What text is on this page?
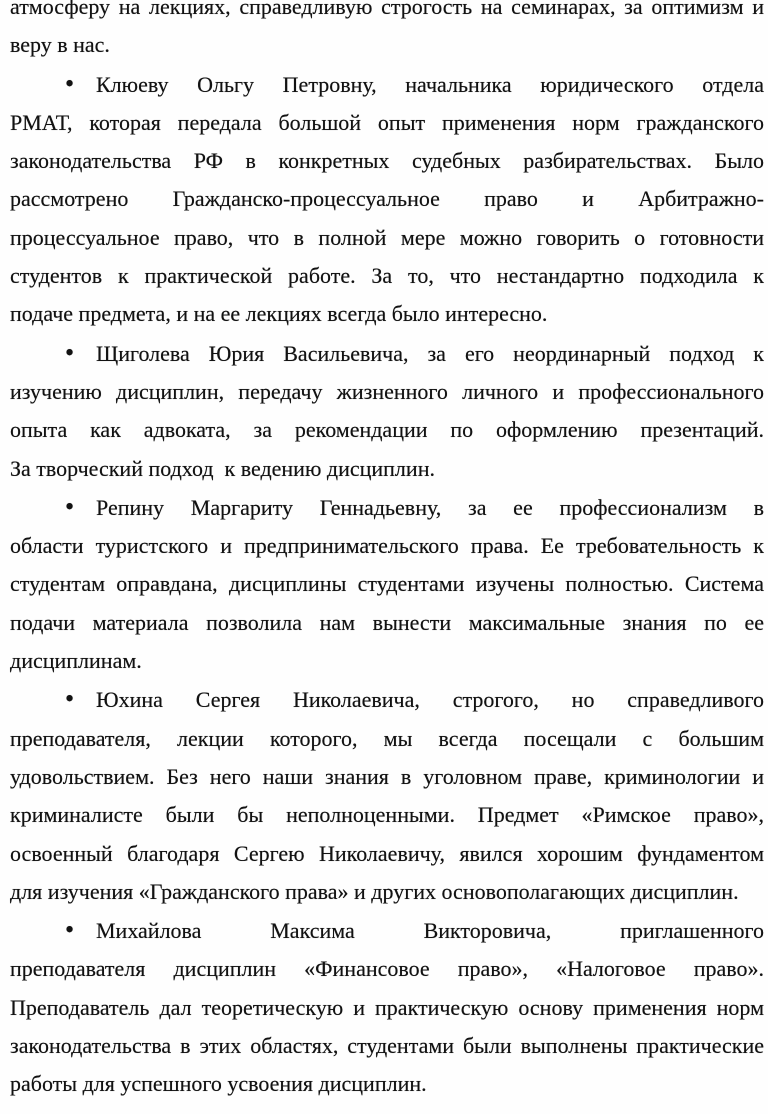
атмосферу на лекциях, справедливую строгость на семинарах, за оптимизм и
веру в нас.
• Клюеву Ольгу Петровну, начальника юридического отдела
РМАТ, которая передала большой опыт применения норм гражданского
законодательства РФ в конкретных судебных разбирательствах. Было
рассмотрено Гражданско-процессуальное право и Арбитражно-
процессуальное право, что в полной мере можно говорить о готовности
студентов к практической работе. За то, что нестандартно подходила к
подаче предмета, и на ее лекциях всегда было интересно.
• Щиголева Юрия Васильевича, за его неординарный подход к
изучению дисциплин, передачу жизненного личного и профессионального
опыта как адвоката, за рекомендации по оформлению презентаций.
За творческий подход  к ведению дисциплин.
• Репину Маргариту Геннадьевну, за ее профессионализм в
области туристского и предпринимательского права. Ее требовательность к
студентам оправдана, дисциплины студентами изучены полностью. Система
подачи материала позволила нам вынести максимальные знания по ее
дисциплинам.
• Юхина Сергея Николаевича, строгого, но справедливого
преподавателя, лекции которого, мы всегда посещали с большим
удовольствием. Без него наши знания в уголовном праве, криминологии и
криминалисте были бы неполноценными. Предмет «Римское право»,
освоенный благодаря Сергею Николаевичу, явился хорошим фундаментом
для изучения «Гражданского права» и других основополагающих дисциплин.
• Михайлова Максима Викторовича, приглашенного
преподавателя дисциплин «Финансовое право», «Налоговое право».
Преподаватель дал теоретическую и практическую основу применения норм
законодательства в этих областях, студентами были выполнены практические
работы для успешного усвоения дисциплин.
